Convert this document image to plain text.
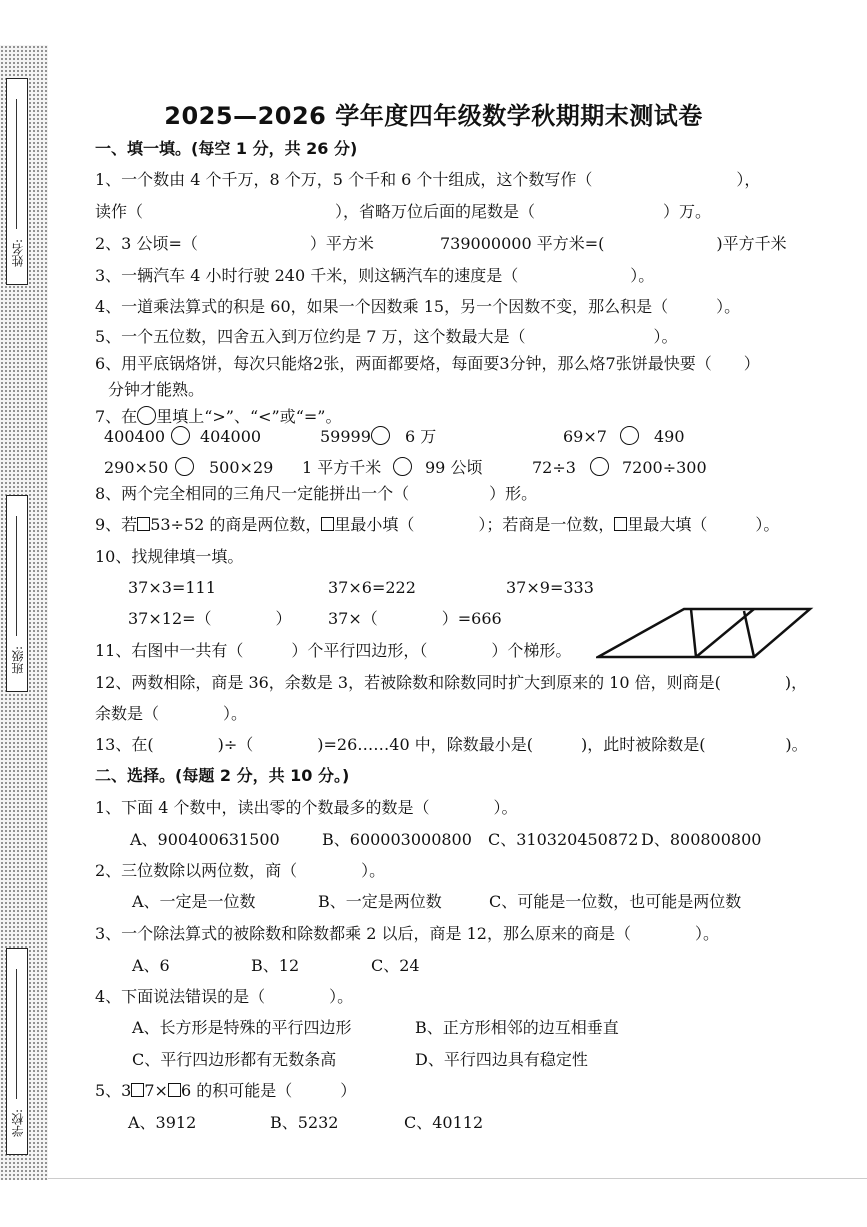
姓名:
班级:
学校:
2025—2026 学年度四年级数学秋期期末测试卷
一、填一填。(每空 1 分，共 26 分)
1、一个数由 4 个千万，8 个万，5 个千和 6 个十组成，这个数写作（　　　　　　　　　），
读作（　　　　　　　　　　　　），省略万位后面的尾数是（　　　　　　　　）万。
2、3 公顷=（　　　　　　　）平方米	739000000 平方米=(　　　　　　　)平方千米
3、一辆汽车 4 小时行驶 240 千米，则这辆汽车的速度是（　　　　　　　）。
4、一道乘法算式的积是 60，如果一个因数乘 15，另一个因数不变，那么积是（　　　）。
5、一个五位数，四舍五入到万位约是 7 万，这个数最大是（　　　　　　　　）。
6、用平底锅烙饼，每次只能烙2张，两面都要烙，每面要3分钟，那么烙7张饼最快要（　　）
分钟才能熟。
7、在 里填上“>”、“<”或“=”。
400400 404000	59999 6 万	69×7	490
290×50	500×29 1 平方千米	99 公顷	72÷3	7200÷300
8、两个完全相同的三角尺一定能拼出一个（　　　　　）形。
9、若 53÷52 的商是两位数， 里最小填（　　　　）；若商是一位数， 里最大填（　　　）。
10、找规律填一填。
37×3=111	37×6=222	37×9=333
37×12=（　　　　） 37×（　　　　）=666
11、右图中一共有（　　　）个平行四边形，（　　　　）个梯形。
12、两数相除，商是 36，余数是 3，若被除数和除数同时扩大到原来的 10 倍，则商是(　　　　)，
余数是（　　　　）。
13、在(　　　　)÷（　　　　)=26……40 中，除数最小是(　　　)，此时被除数是(　　　　　)。
二、选择。(每题 2 分，共 10 分。)
1、下面 4 个数中，读出零的个数最多的数是（　　　　）。
A、900400631500	B、600003000800 C、310320450872 D、800800800
2、三位数除以两位数，商（　　　　）。
A、一定是一位数	B、一定是两位数	C、可能是一位数，也可能是两位数
3、一个除法算式的被除数和除数都乘 2 以后，商是 12，那么原来的商是（　　　　）。
A、6	B、12	C、24
4、下面说法错误的是（　　　　）。
A、长方形是特殊的平行四边形	B、正方形相邻的边互相垂直
C、平行四边形都有无数条高	D、平行四边具有稳定性
5、3 7× 6 的积可能是（　　　）
A、3912	B、5232	C、40112
